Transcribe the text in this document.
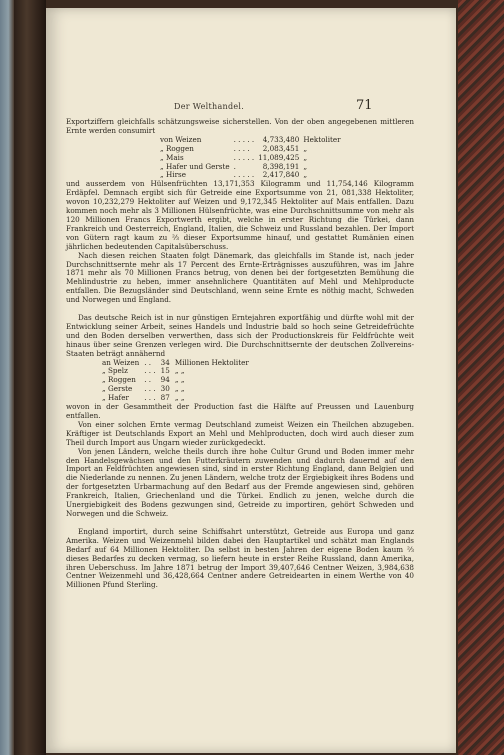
Der Welthandel.	71

Exportziffern gleichfalls schätzungsweise sicherstellen. Von der oben angegebenen mittleren Ernte werden consumirt

von Weizen	. . . . .	4,733,480	Hektoliter
„ Roggen	. . . .	2,083,451	„
„ Mais	. . . . .	11,089,425	„
„ Hafer und Gerste	.	8,398,191	„
„ Hirse	. . . . .	2,417,840	„

und ausserdem von Hülsenfrüchten 13,171,353 Kilogramm und 11,754,146 Kilogramm Erdäpfel. Demnach ergibt sich für Getreide eine Exportsumme von 21, 081,338 Hektoliter, wovon 10,232,279 Hektoliter auf Weizen und 9,172,345 Hektoliter auf Mais entfallen. Dazu kommen noch mehr als 3 Millionen Hülsenfrüchte, was eine Durchschnittsumme von mehr als 120 Millionen Francs Exportwerth ergibt, welche in erster Richtung die Türkei, dann Frankreich und Oesterreich, England, Italien, die Schweiz und Russland bezahlen. Der Import von Gütern ragt kaum zu ⅔ dieser Exportsumme hinauf, und gestattet Rumänien einen jährlichen bedeutenden Capitalsüberschuss.

Nach diesen reichen Staaten folgt Dänemark, das gleichfalls im Stande ist, nach jeder Durchschnittsernte mehr als 17 Percent des Ernte-Erträgnisses auszuführen, was im Jahre 1871 mehr als 70 Millionen Francs betrug, von denen bei der fortgesetzten Bemühung die Mehlindustrie zu heben, immer ansehnlichere Quantitäten auf Mehl und Mehlproducte entfallen. Die Bezugsländer sind Deutschland, wenn seine Ernte es nöthig macht, Schweden und Norwegen und England.

Das deutsche Reich ist in nur günstigen Erntejahren exportfähig und dürfte wohl mit der Entwicklung seiner Arbeit, seines Handels und Industrie bald so hoch seine Getreidefrüchte und den Boden derselben verwerthen, dass sich der Productionskreis für Feldfrüchte weit hinaus über seine Grenzen verlegen wird. Die Durchschnittsernte der deutschen Zollvereins-Staaten beträgt annähernd

an Weizen	. .	34	Millionen Hektoliter
„ Spelz	. . .	15	„ „
„ Roggen	. .	94	„ „
„ Gerste	. . .	30	„ „
„ Hafer	. . .	87	„ „

wovon in der Gesammtheit der Production fast die Hälfte auf Preussen und Lauenburg entfallen.

Von einer solchen Ernte vermag Deutschland zumeist Weizen ein Theilchen abzugeben. Kräftiger ist Deutschlands Export an Mehl und Mehlproducten, doch wird auch dieser zum Theil durch Import aus Ungarn wieder zurückgedeckt.

Von jenen Ländern, welche theils durch ihre hohe Cultur Grund und Boden immer mehr den Handelsgewächsen und den Futterkräutern zuwenden und dadurch dauernd auf den Import an Feldfrüchten angewiesen sind, sind in erster Richtung England, dann Belgien und die Niederlande zu nennen. Zu jenen Ländern, welche trotz der Ergiebigkeit ihres Bodens und der fortgesetzten Urbarmachung auf den Bedarf aus der Fremde angewiesen sind, gehören Frankreich, Italien, Griechenland und die Türkei. Endlich zu jenen, welche durch die Unergiebigkeit des Bodens gezwungen sind, Getreide zu importiren, gehört Schweden und Norwegen und die Schweiz.

England importirt, durch seine Schiffsahrt unterstützt, Getreide aus Europa und ganz Amerika. Weizen und Weizenmehl bilden dabei den Hauptartikel und schätzt man Englands Bedarf auf 64 Millionen Hektoliter. Da selbst in besten Jahren der eigene Boden kaum ⅔ dieses Bedarfes zu decken vermag, so liefern heute in erster Reihe Russland, dann Amerika, ihren Ueberschuss. Im Jahre 1871 betrug der Import 39,407,646 Centner Weizen, 3,984,638 Centner Weizenmehl und 36,428,664 Centner andere Getreidearten in einem Werthe von 40 Millionen Pfund Sterling.
